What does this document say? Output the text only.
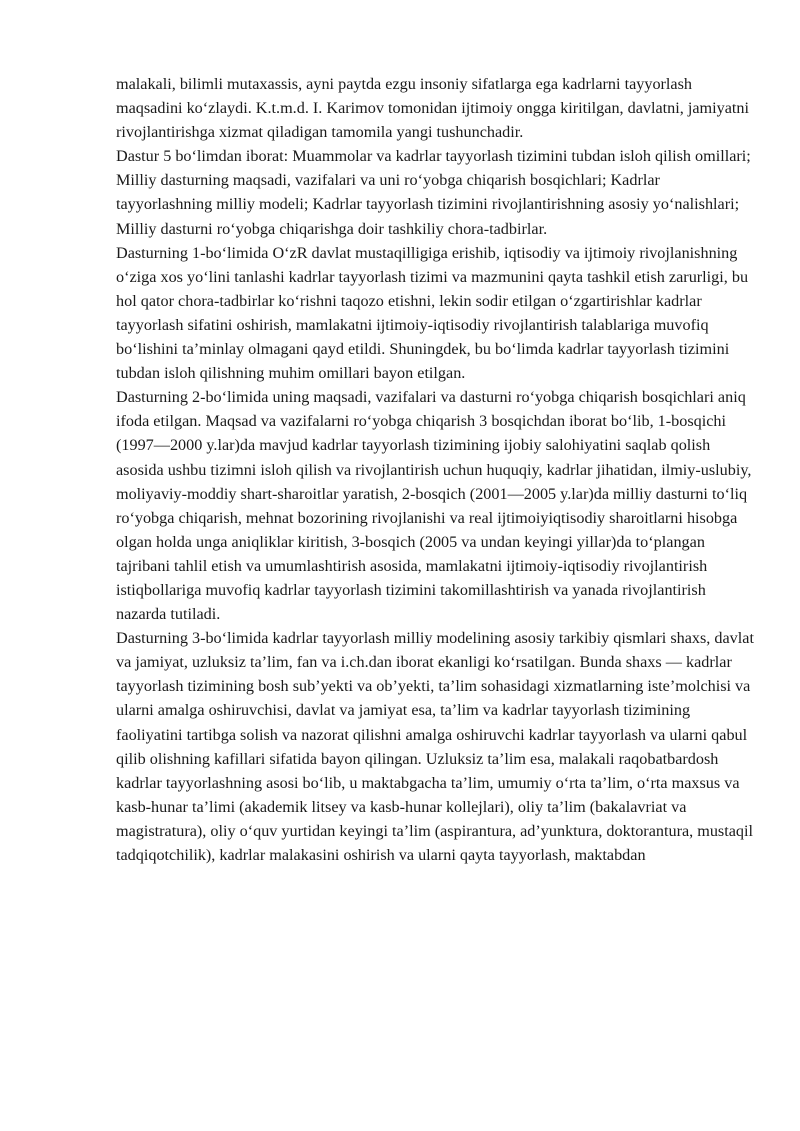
malakali, bilimli mutaxassis, ayni paytda ezgu insoniy sifatlarga ega kadrlarni tayyorlash maqsadini koʻzlaydi. K.t.m.d. I. Karimov tomonidan ijtimoiy ongga kiritilgan, davlatni, jamiyatni rivojlantirishga xizmat qiladigan tamomila yangi tushunchadir.

Dastur 5 boʻlimdan iborat: Muammolar va kadrlar tayyorlash tizimini tubdan isloh qilish omillari; Milliy dasturning maqsadi, vazifalari va uni roʻyobga chiqarish bosqichlari; Kadrlar tayyorlashning milliy modeli; Kadrlar tayyorlash tizimini rivojlantirishning asosiy yoʻnalishlari; Milliy dasturni roʻyobga chiqarishga doir tashkiliy chora-tadbirlar.

Dasturning 1-boʻlimida OʻzR davlat mustaqilligiga erishib, iqtisodiy va ijtimoiy rivojlanishning oʻziga xos yoʻlini tanlashi kadrlar tayyorlash tizimi va mazmunini qayta tashkil etish zarurligi, bu hol qator chora-tadbirlar koʻrishni taqozo etishni, lekin sodir etilgan oʻzgartirishlar kadrlar tayyorlash sifatini oshirish, mamlakatni ijtimoiy-iqtisodiy rivojlantirish talablariga muvofiq boʻlishini taʼminlay olmagani qayd etildi. Shuningdek, bu boʻlimda kadrlar tayyorlash tizimini tubdan isloh qilishning muhim omillari bayon etilgan.

Dasturning 2-boʻlimida uning maqsadi, vazifalari va dasturni roʻyobga chiqarish bosqichlari aniq ifoda etilgan. Maqsad va vazifalarni roʻyobga chiqarish 3 bosqichdan iborat boʻlib, 1-bosqichi (1997—2000 y.lar)da mavjud kadrlar tayyorlash tizimining ijobiy salohiyatini saqlab qolish asosida ushbu tizimni isloh qilish va rivojlantirish uchun huquqiy, kadrlar jihatidan, ilmiy-uslubiy, moliyaviy-moddiy shart-sharoitlar yaratish, 2-bosqich (2001—2005 y.lar)da milliy dasturni toʻliq roʻyobga chiqarish, mehnat bozorining rivojlanishi va real ijtimoiyiqtisodiy sharoitlarni hisobga olgan holda unga aniqliklar kiritish, 3-bosqich (2005 va undan keyingi yillar)da toʻplangan tajribani tahlil etish va umumlashtirish asosida, mamlakatni ijtimoiy-iqtisodiy rivojlantirish istiqbollariga muvofiq kadrlar tayyorlash tizimini takomillashtirish va yanada rivojlantirish nazarda tutiladi.

Dasturning 3-boʻlimida kadrlar tayyorlash milliy modelining asosiy tarkibiy qismlari shaxs, davlat va jamiyat, uzluksiz taʼlim, fan va i.ch.dan iborat ekanligi koʻrsatilgan. Bunda shaxs — kadrlar tayyorlash tizimining bosh subʼyekti va obʼyekti, taʼlim sohasidagi xizmatlarning isteʼmolchisi va ularni amalga oshiruvchisi, davlat va jamiyat esa, taʼlim va kadrlar tayyorlash tizimining faoliyatini tartibga solish va nazorat qilishni amalga oshiruvchi kadrlar tayyorlash va ularni qabul qilib olishning kafillari sifatida bayon qilingan. Uzluksiz taʼlim esa, malakali raqobatbardosh kadrlar tayyorlashning asosi boʻlib, u maktabgacha taʼlim, umumiy oʻrta taʼlim, oʻrta maxsus va kasb-hunar taʼlimi (akademik litsey va kasb-hunar kollejlari), oliy taʼlim (bakalavriat va magistratura), oliy oʻquv yurtidan keyingi taʼlim (aspirantura, adʼyunktura, doktorantura, mustaqil tadqiqotchilik), kadrlar malakasini oshirish va ularni qayta tayyorlash, maktabdan
